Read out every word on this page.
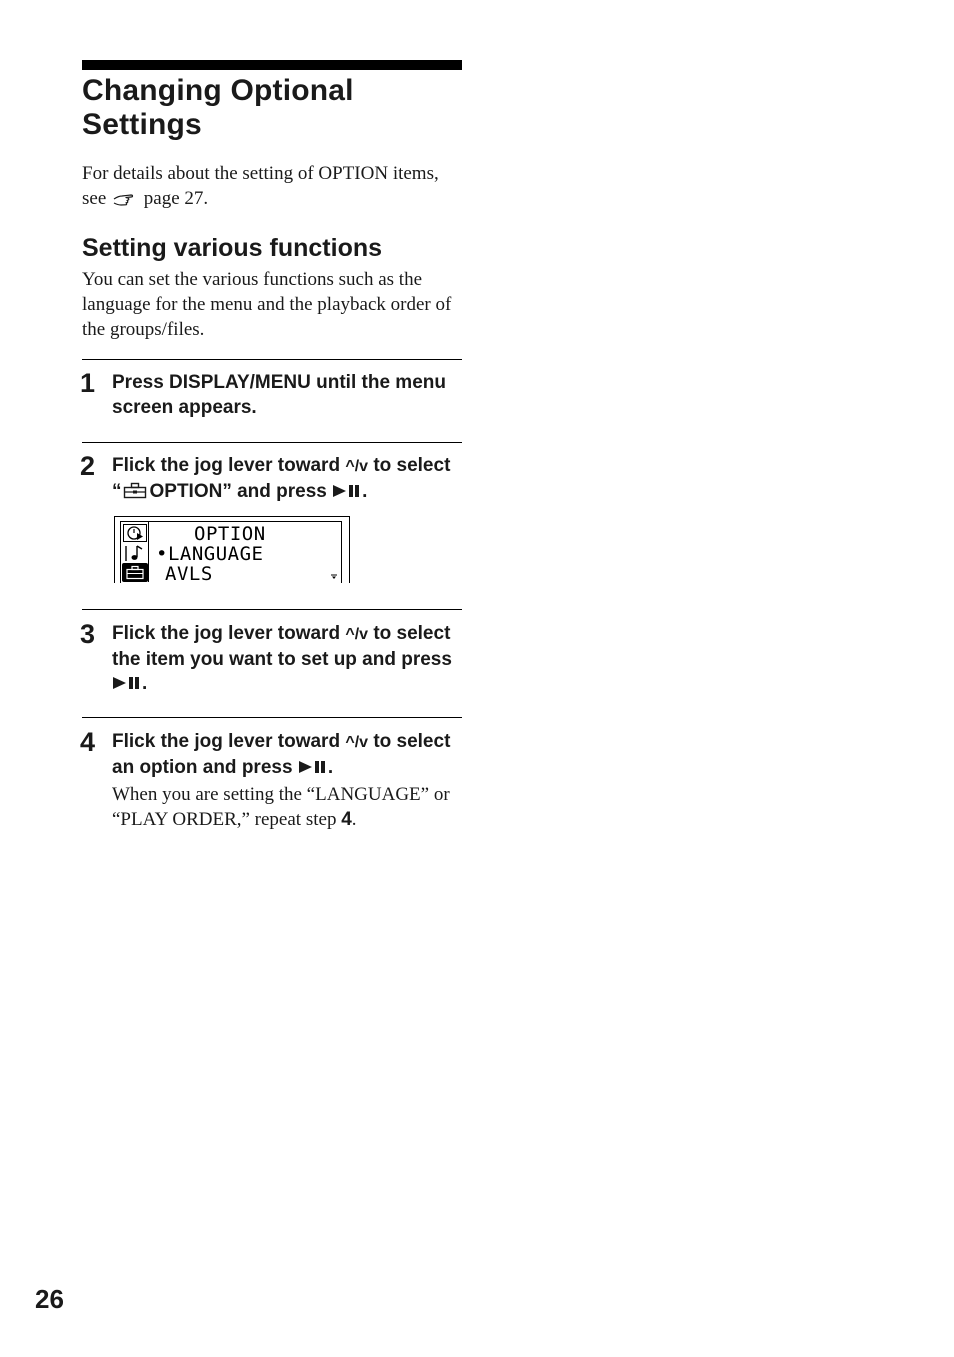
Changing Optional Settings

For details about the setting of OPTION items, see page 27.

Setting various functions

You can set the various functions such as the language for the menu and the playback order of the groups/files.

1 Press DISPLAY/MENU until the menu screen appears.

2 Flick the jog lever toward ^/v to select “ OPTION” and press .

OPTION
•LANGUAGE
AVLS
3 Flick the jog lever toward ^/v to select the item you want to set up and press .

4 Flick the jog lever toward ^/v to select an option and press .

When you are setting the “LANGUAGE” or “PLAY ORDER,” repeat step 4.

26
